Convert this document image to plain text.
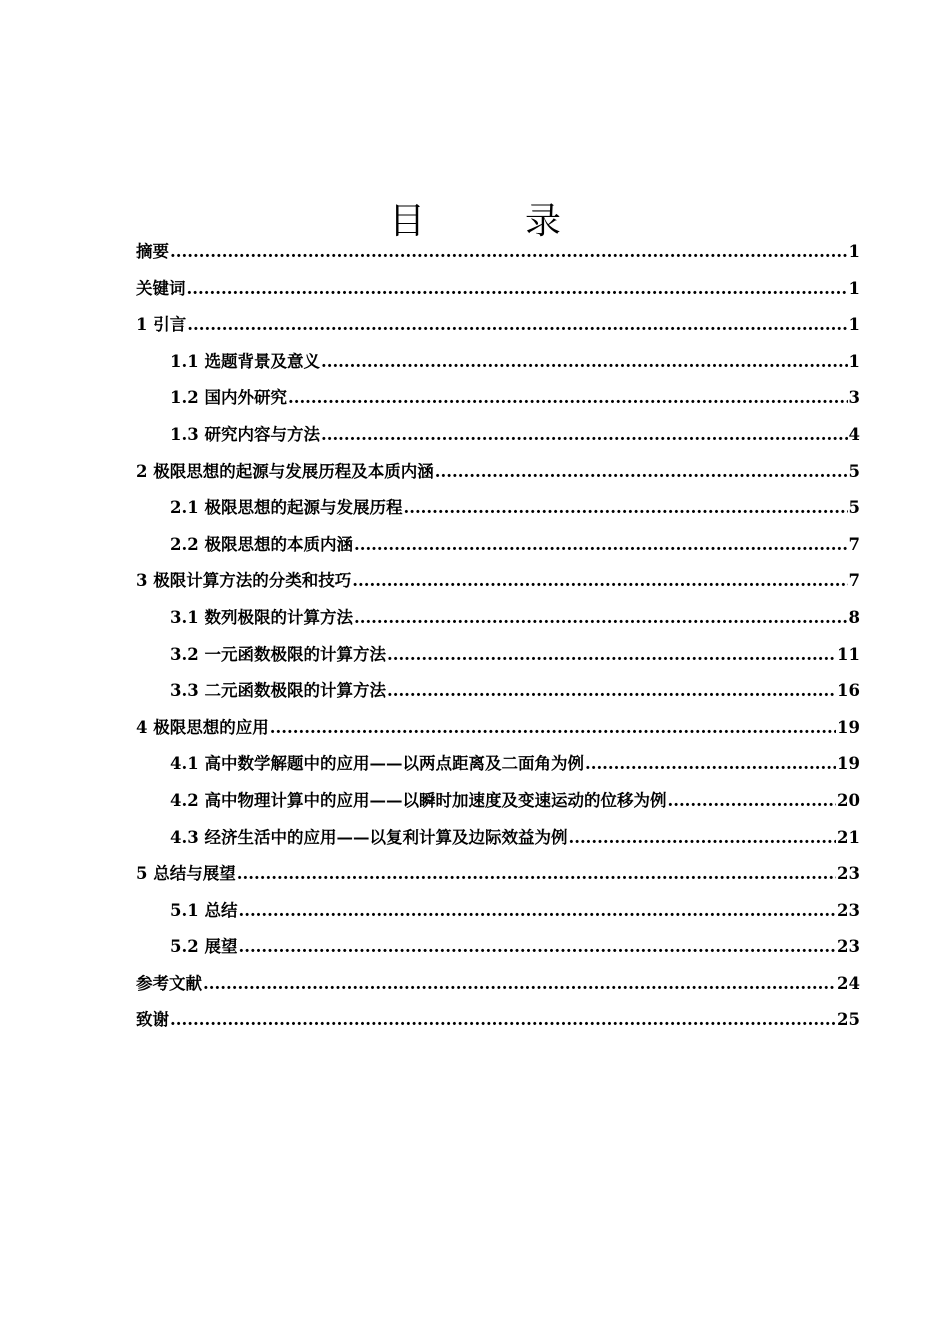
目　录
摘要 .....	1
关键词 .....	1
1 引言 .....	1
1.1 选题背景及意义 .....	1
1.2 国内外研究 .....	3
1.3 研究内容与方法 .....	4
2 极限思想的起源与发展历程及本质内涵 .....	5
2.1 极限思想的起源与发展历程 .....	5
2.2 极限思想的本质内涵 .....	7
3 极限计算方法的分类和技巧 .....	7
3.1 数列极限的计算方法 .....	8
3.2 一元函数极限的计算方法 .....	11
3.3 二元函数极限的计算方法 .....	16
4 极限思想的应用 .....	19
4.1 高中数学解题中的应用——以两点距离及二面角为例 .....	19
4.2 高中物理计算中的应用——以瞬时加速度及变速运动的位移为例 .....	20
4.3 经济生活中的应用——以复利计算及边际效益为例 .....	21
5 总结与展望 .....	23
5.1 总结 .....	23
5.2 展望 .....	23
参考文献 .....	24
致谢 .....	25
